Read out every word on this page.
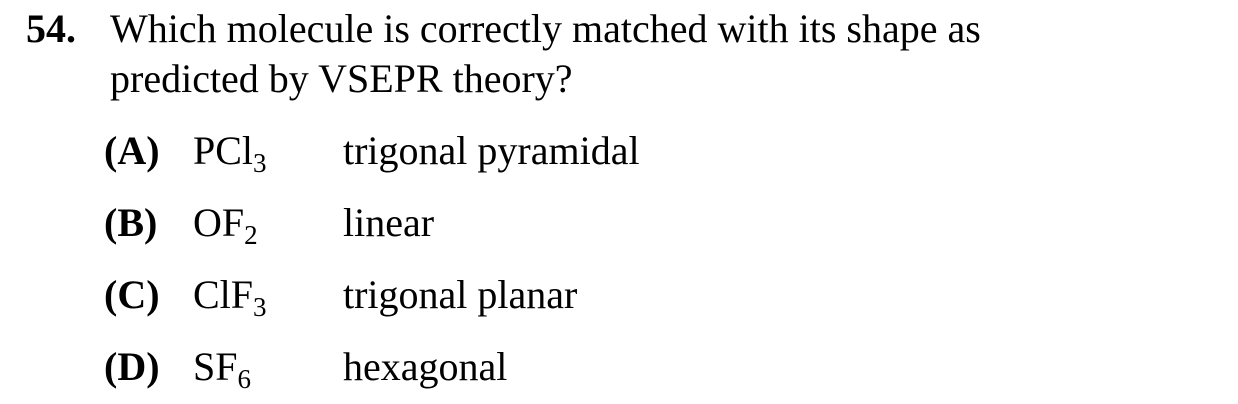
54. Which molecule is correctly matched with its shape as
predicted by VSEPR theory?
(A) PCl$_3$ trigonal pyramidal
(B) $OF_2$ linear
(C) ClF$_3$ trigonal planar
(D) $SF_6$ hexagonal
